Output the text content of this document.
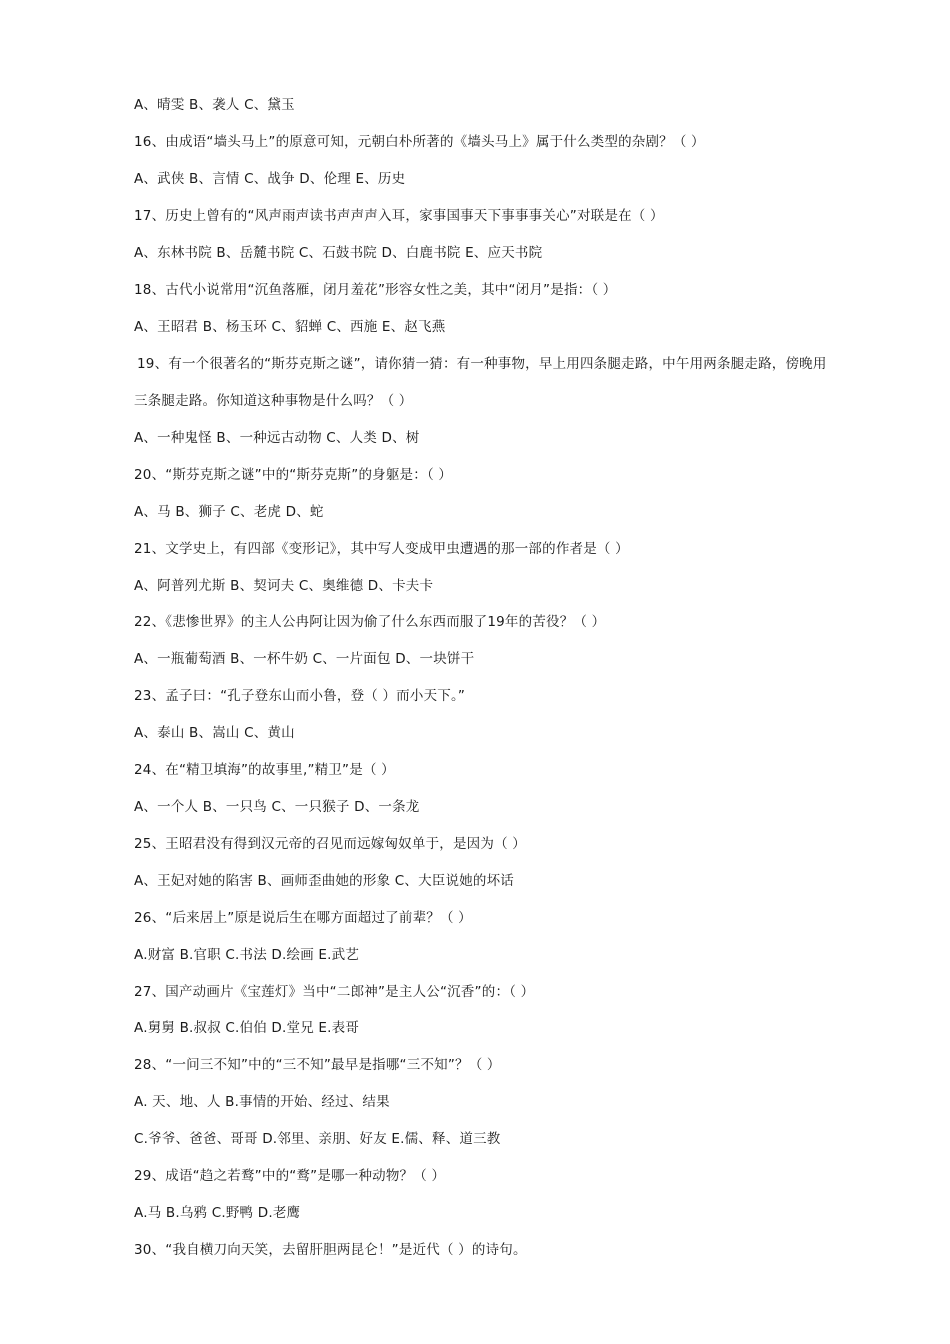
A、晴雯 B、袭人 C、黛玉
16、由成语“墙头马上”的原意可知，元朝白朴所著的《墙头马上》属于什么类型的杂剧？（ ）
A、武侠 B、言情 C、战争 D、伦理 E、历史
17、历史上曾有的“风声雨声读书声声声入耳，家事国事天下事事事关心”对联是在（ ）
A、东林书院 B、岳麓书院 C、石鼓书院 D、白鹿书院 E、应天书院
18、古代小说常用“沉鱼落雁，闭月羞花”形容女性之美，其中“闭月”是指：（ ）
A、王昭君 B、杨玉环 C、貂蝉 C、西施 E、赵飞燕
19、有一个很著名的“斯芬克斯之谜”，请你猜一猜：有一种事物，早上用四条腿走路，中午用两条腿走路，傍晚用
三条腿走路。你知道这种事物是什么吗？（ ）
A、一种鬼怪 B、一种远古动物 C、人类 D、树
20、“斯芬克斯之谜”中的“斯芬克斯”的身躯是：（ ）
A、马 B、狮子 C、老虎 D、蛇
21、文学史上，有四部《变形记》，其中写人变成甲虫遭遇的那一部的作者是（ ）
A、阿普列尤斯 B、契诃夫 C、奥维德 D、卡夫卡
22、《悲惨世界》的主人公冉阿让因为偷了什么东西而服了19年的苦役？（ ）
A、一瓶葡萄酒 B、一杯牛奶 C、一片面包 D、一块饼干
23、孟子曰：“孔子登东山而小鲁，登（ ）而小天下。”
A、泰山 B、嵩山 C、黄山
24、在“精卫填海”的故事里,”精卫”是（ ）
A、一个人 B、一只鸟 C、一只猴子 D、一条龙
25、王昭君没有得到汉元帝的召见而远嫁匈奴单于，是因为（ ）
A、王妃对她的陷害 B、画师歪曲她的形象 C、大臣说她的坏话
26、“后来居上”原是说后生在哪方面超过了前辈？（ ）
A.财富 B.官职 C.书法 D.绘画 E.武艺
27、国产动画片《宝莲灯》当中“二郎神”是主人公“沉香”的：（ ）
A.舅舅 B.叔叔 C.伯伯 D.堂兄 E.表哥
28、“一问三不知”中的“三不知”最早是指哪“三不知”？（ ）
A. 天、地、人 B.事情的开始、经过、结果
C.爷爷、爸爸、哥哥 D.邻里、亲朋、好友 E.儒、释、道三教
29、成语“趋之若鹜”中的“鹜”是哪一种动物？（ ）
A.马 B.乌鸦 C.野鸭 D.老鹰
30、“我自横刀向天笑，去留肝胆两昆仑！”是近代（ ）的诗句。
